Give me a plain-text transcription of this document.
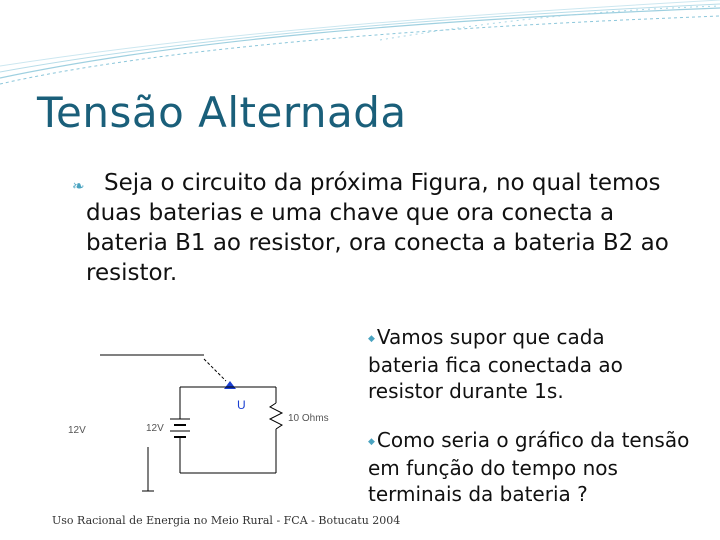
Tensão Alternada
❧ Seja o circuito da próxima Figura, no qual temos duas baterias e uma chave que ora conecta a bateria B1 ao resistor, ora conecta a bateria B2 ao resistor.
12V	12V
10 Ohms
U
◆ Vamos supor que cada bateria fica conectada ao resistor durante 1s.
◆ Como seria o gráfico da tensão em função do tempo nos terminais da bateria ?
Uso Racional de Energia no Meio Rural - FCA - Botucatu 2004
